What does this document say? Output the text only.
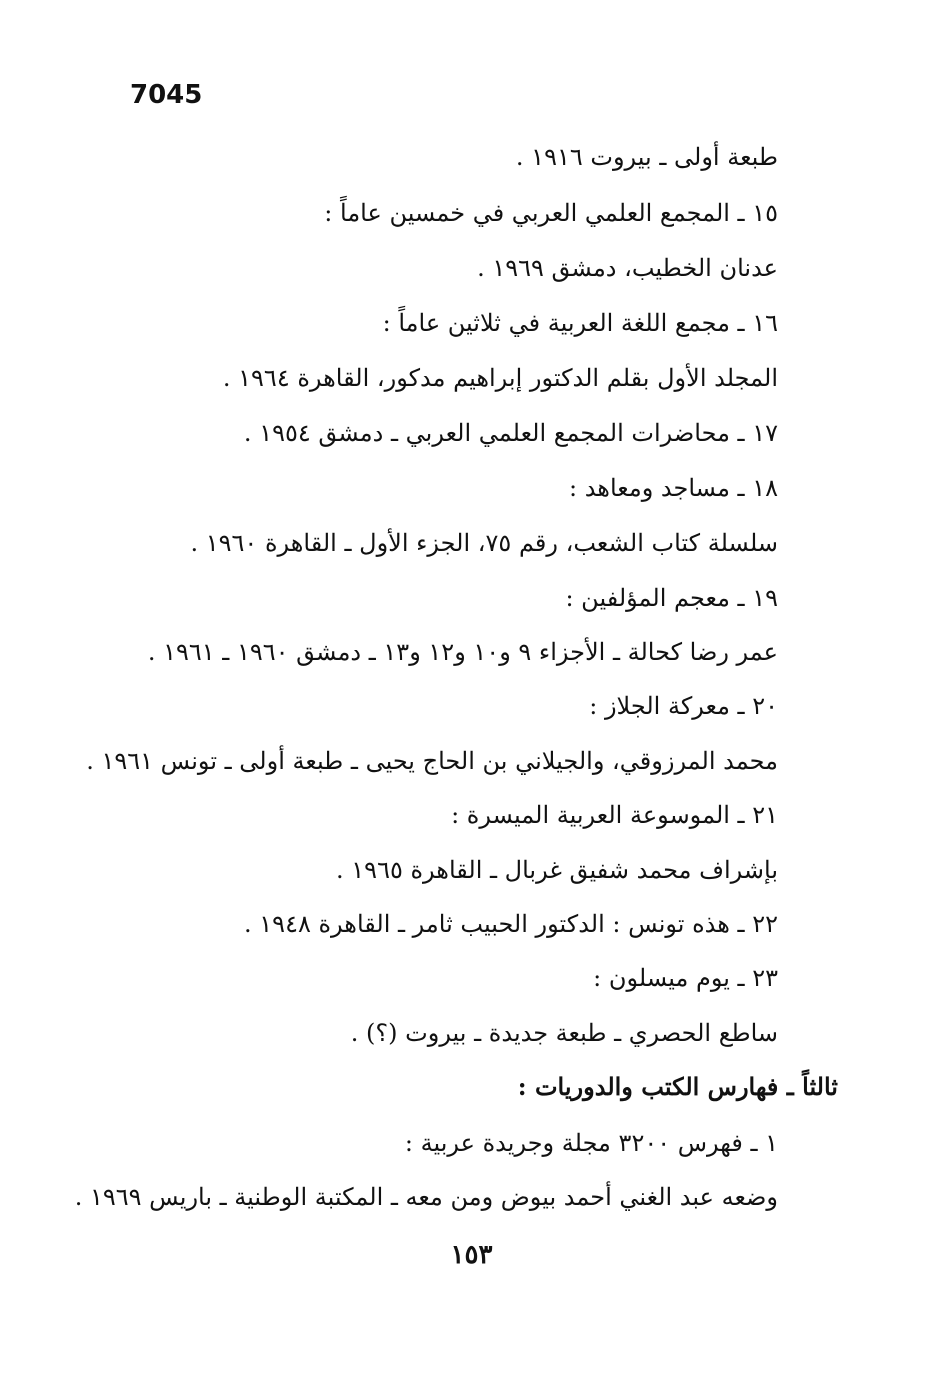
7045
طبعة أولى ـ بيروت ١٩١٦ .
١٥ ـ المجمع العلمي العربي في خمسين عاماً :
عدنان الخطيب، دمشق ١٩٦٩ .
١٦ ـ مجمع اللغة العربية في ثلاثين عاماً :
المجلد الأول بقلم الدكتور إبراهيم مدكور، القاهرة ١٩٦٤ .
١٧ ـ محاضرات المجمع العلمي العربي ـ دمشق ١٩٥٤ .
١٨ ـ مساجد ومعاهد :
سلسلة كتاب الشعب، رقم ٧٥، الجزء الأول ـ القاهرة ١٩٦٠ .
١٩ ـ معجم المؤلفين :
عمر رضا كحالة ـ الأجزاء ٩ و١٠ و١٢ و١٣ ـ دمشق ١٩٦٠ ـ ١٩٦١ .
٢٠ ـ معركة الجلاز :
محمد المرزوقي، والجيلاني بن الحاج يحيى ـ طبعة أولى ـ تونس ١٩٦١ .
٢١ ـ الموسوعة العربية الميسرة :
بإشراف محمد شفيق غربال ـ القاهرة ١٩٦٥ .
٢٢ ـ هذه تونس : الدكتور الحبيب ثامر ـ القاهرة ١٩٤٨ .
٢٣ ـ يوم ميسلون :
ساطع الحصري ـ طبعة جديدة ـ بيروت (؟) .
ثالثاً ـ فهارس الكتب والدوريات :
١ ـ فهرس ٣٢٠٠ مجلة وجريدة عربية :
وضعه عبد الغني أحمد بيوض ومن معه ـ المكتبة الوطنية ـ باريس ١٩٦٩ .
١٥٣
